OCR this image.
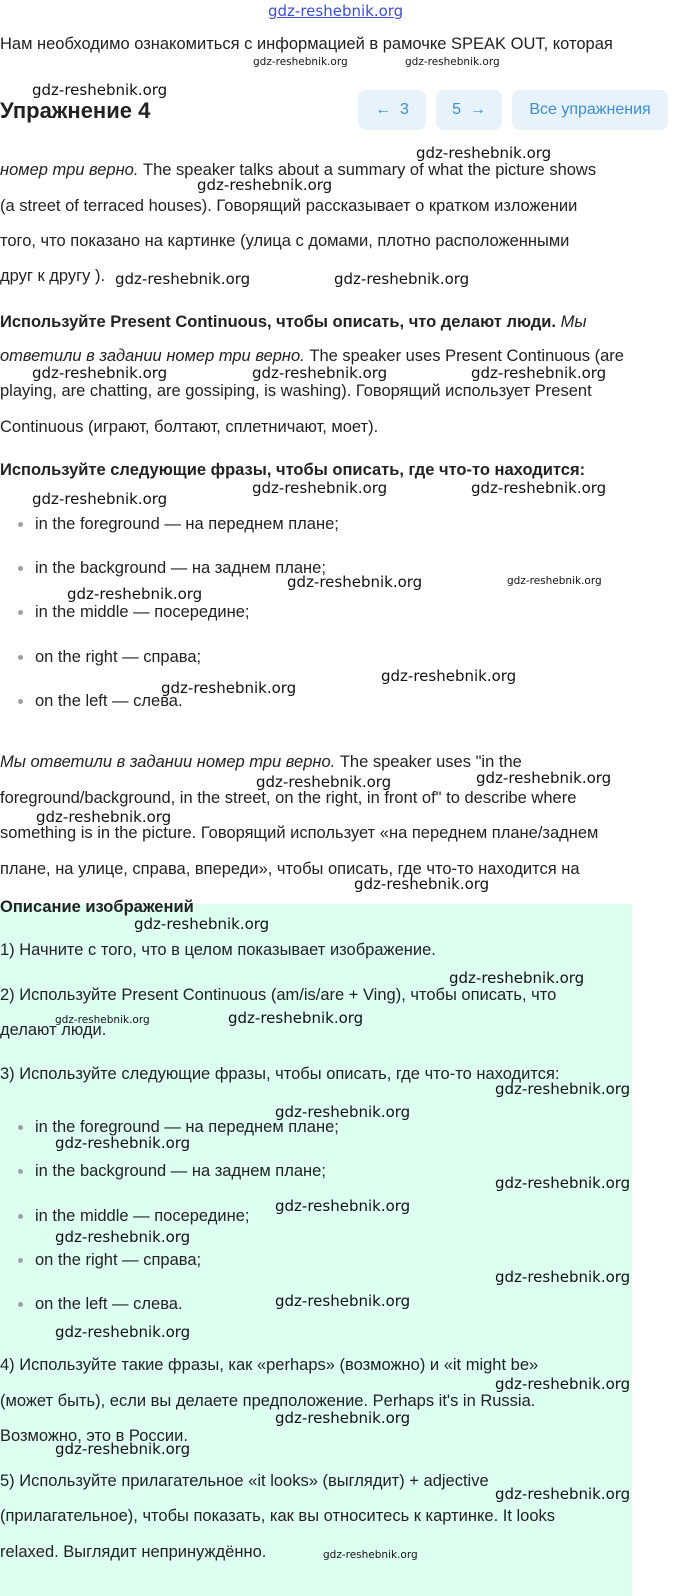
gdz-reshebnik.org
Нам необходимо ознакомиться с информацией в рамочке SPEAK OUT, которая
Упражнение 4	← 3	5 →	Все упражнения
номер три верно. The speaker talks about a summary of what the picture shows
(a street of terraced houses). Говорящий рассказывает о кратком изложении
того, что показано на картинке (улица с домами, плотно расположенными
друг к другу ).
Используйте Present Continuous, чтобы описать, что делают люди. Мы
ответили в задании номер три верно. The speaker uses Present Continuous (are
playing, are chatting, are gossiping, is washing). Говорящий использует Present
Continuous (играют, болтают, сплетничают, моет).
Используйте следующие фразы, чтобы описать, где что-то находится:
in the foreground — на переднем плане;
in the background — на заднем плане;
in the middle — посередине;
on the right — справа;
on the left — слева.
Мы ответили в задании номер три верно. The speaker uses "in the
foreground/background, in the street, on the right, in front of" to describe where
something is in the picture. Говорящий использует «на переднем плане/заднем
плане, на улице, справа, впереди», чтобы описать, где что-то находится на
Описание изображений
1) Начните с того, что в целом показывает изображение.
2) Используйте Present Continuous (am/is/are + Ving), чтобы описать, что
делают люди.
3) Используйте следующие фразы, чтобы описать, где что-то находится:
in the foreground — на переднем плане;
in the background — на заднем плане;
in the middle — посередине;
on the right — справа;
on the left — слева.
4) Используйте такие фразы, как «perhaps» (возможно) и «it might be»
(может быть), если вы делаете предположение. Perhaps it's in Russia.
Возможно, это в России.
5) Используйте прилагательное «it looks» (выглядит) + adjective
(прилагательное), чтобы показать, как вы относитесь к картинке. It looks
relaxed. Выглядит непринуждённо.
gdz-reshebnik.org
gdz-reshebnik.org	gdz-reshebnik.org
gdz-reshebnik.org
gdz-reshebnik.org
gdz-reshebnik.org	gdz-reshebnik.org
gdz-reshebnik.org	gdz-reshebnik.org	gdz-reshebnik.org
gdz-reshebnik.org
gdz-reshebnik.org	gdz-reshebnik.org
gdz-reshebnik.org	gdz-reshebnik.org
gdz-reshebnik.org
gdz-reshebnik.org
gdz-reshebnik.org
gdz-reshebnik.org
gdz-reshebnik.org
gdz-reshebnik.org
gdz-reshebnik.org
gdz-reshebnik.org
gdz-reshebnik.org
gdz-reshebnik.org	gdz-reshebnik.org
gdz-reshebnik.org
gdz-reshebnik.org
gdz-reshebnik.org
gdz-reshebnik.org
gdz-reshebnik.org
gdz-reshebnik.org
gdz-reshebnik.org
gdz-reshebnik.org
gdz-reshebnik.org
gdz-reshebnik.org
gdz-reshebnik.org
gdz-reshebnik.org
gdz-reshebnik.org
gdz-reshebnik.org
